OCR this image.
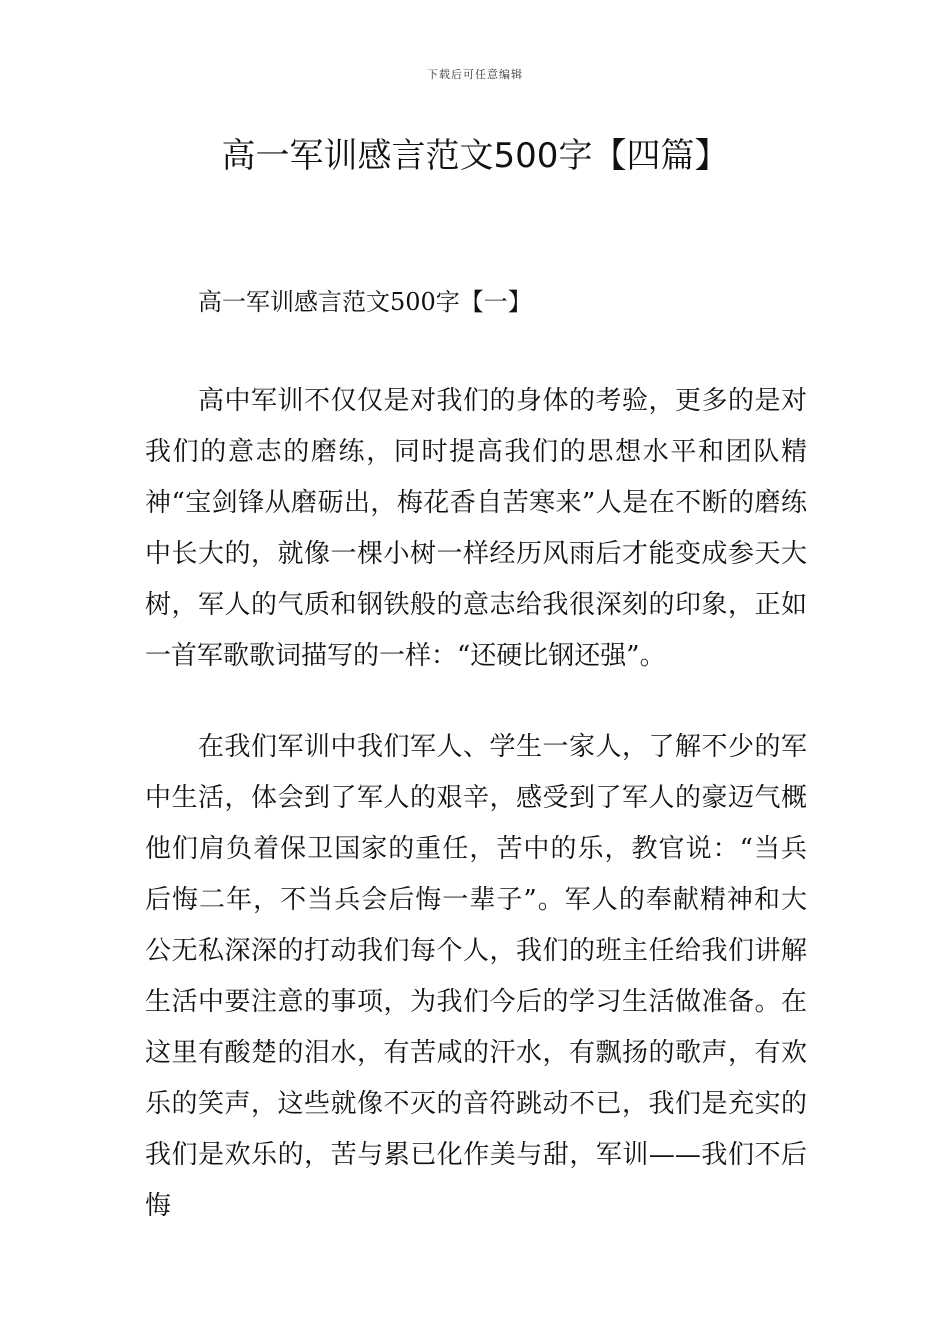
下载后可任意编辑
高一军训感言范文500字【四篇】
高一军训感言范文500字【一】

高中军训不仅仅是对我们的身体的考验，更多的是对我们的意志的磨练，同时提高我们的思想水平和团队精神“宝剑锋从磨砺出，梅花香自苦寒来”人是在不断的磨练中长大的，就像一棵小树一样经历风雨后才能变成参天大树，军人的气质和钢铁般的意志给我很深刻的印象，正如一首军歌歌词描写的一样：“还硬比钢还强”。

在我们军训中我们军人、学生一家人，了解不少的军中生活，体会到了军人的艰辛，感受到了军人的豪迈气概他们肩负着保卫国家的重任，苦中的乐，教官说：“当兵后悔二年，不当兵会后悔一辈子”。军人的奉献精神和大公无私深深的打动我们每个人，我们的班主任给我们讲解生活中要注意的事项，为我们今后的学习生活做准备。在这里有酸楚的泪水，有苦咸的汗水，有飘扬的歌声，有欢乐的笑声，这些就像不灭的音符跳动不已，我们是充实的我们是欢乐的，苦与累已化作美与甜，军训——我们不后悔
